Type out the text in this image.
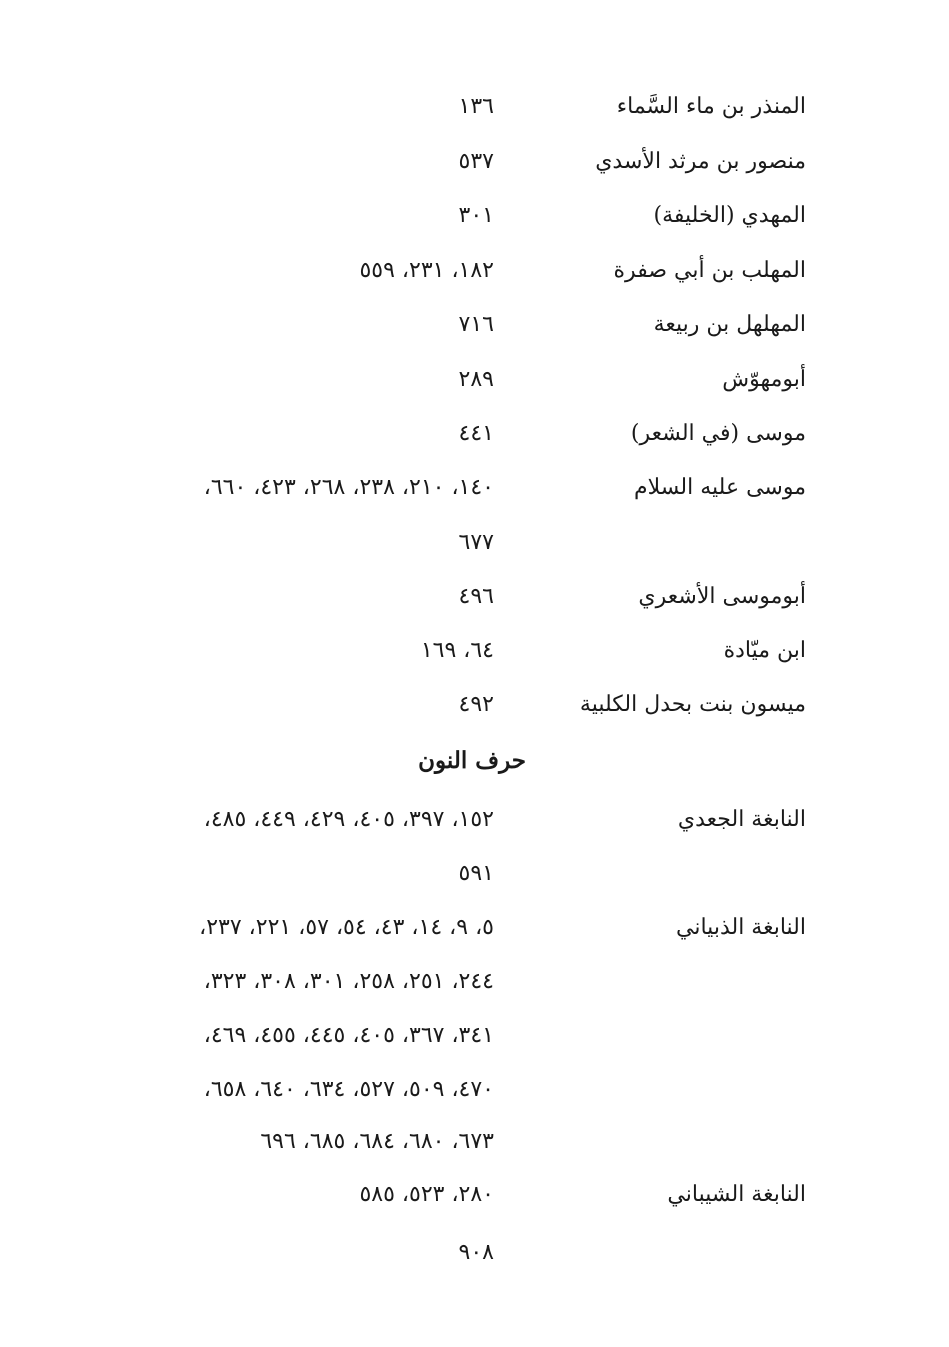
المنذر بن ماء السَّماء
١٣٦
منصور بن مرثد الأسدي
٥٣٧
المهدي (الخليفة)
٣٠١
المهلب بن أبي صفرة
١٨٢، ٢٣١، ٥٥٩
المهلهل بن ربيعة
٧١٦
أبومهوّش
٢٨٩
موسى (في الشعر)
٤٤١
موسى عليه السلام
١٤٠، ٢١٠، ٢٣٨، ٢٦٨، ٤٢٣، ٦٦٠،
٦٧٧
أبوموسى الأشعري
٤٩٦
ابن ميّادة
٦٤، ١٦٩
ميسون بنت بحدل الكلبية
٤٩٢
حرف النون
النابغة الجعدي
١٥٢، ٣٩٧، ٤٠٥، ٤٢٩، ٤٤٩، ٤٨٥،
٥٩١
النابغة الذبياني
٥، ٩، ١٤، ٤٣، ٥٤، ٥٧، ٢٢١، ٢٣٧،
٢٤٤، ٢٥١، ٢٥٨، ٣٠١، ٣٠٨، ٣٢٣،
٣٤١، ٣٦٧، ٤٠٥، ٤٤٥، ٤٥٥، ٤٦٩،
٤٧٠، ٥٠٩، ٥٢٧، ٦٣٤، ٦٤٠، ٦٥٨،
٦٧٣، ٦٨٠، ٦٨٤، ٦٨٥، ٦٩٦
النابغة الشيباني
٢٨٠، ٥٢٣، ٥٨٥
٩٠٨
